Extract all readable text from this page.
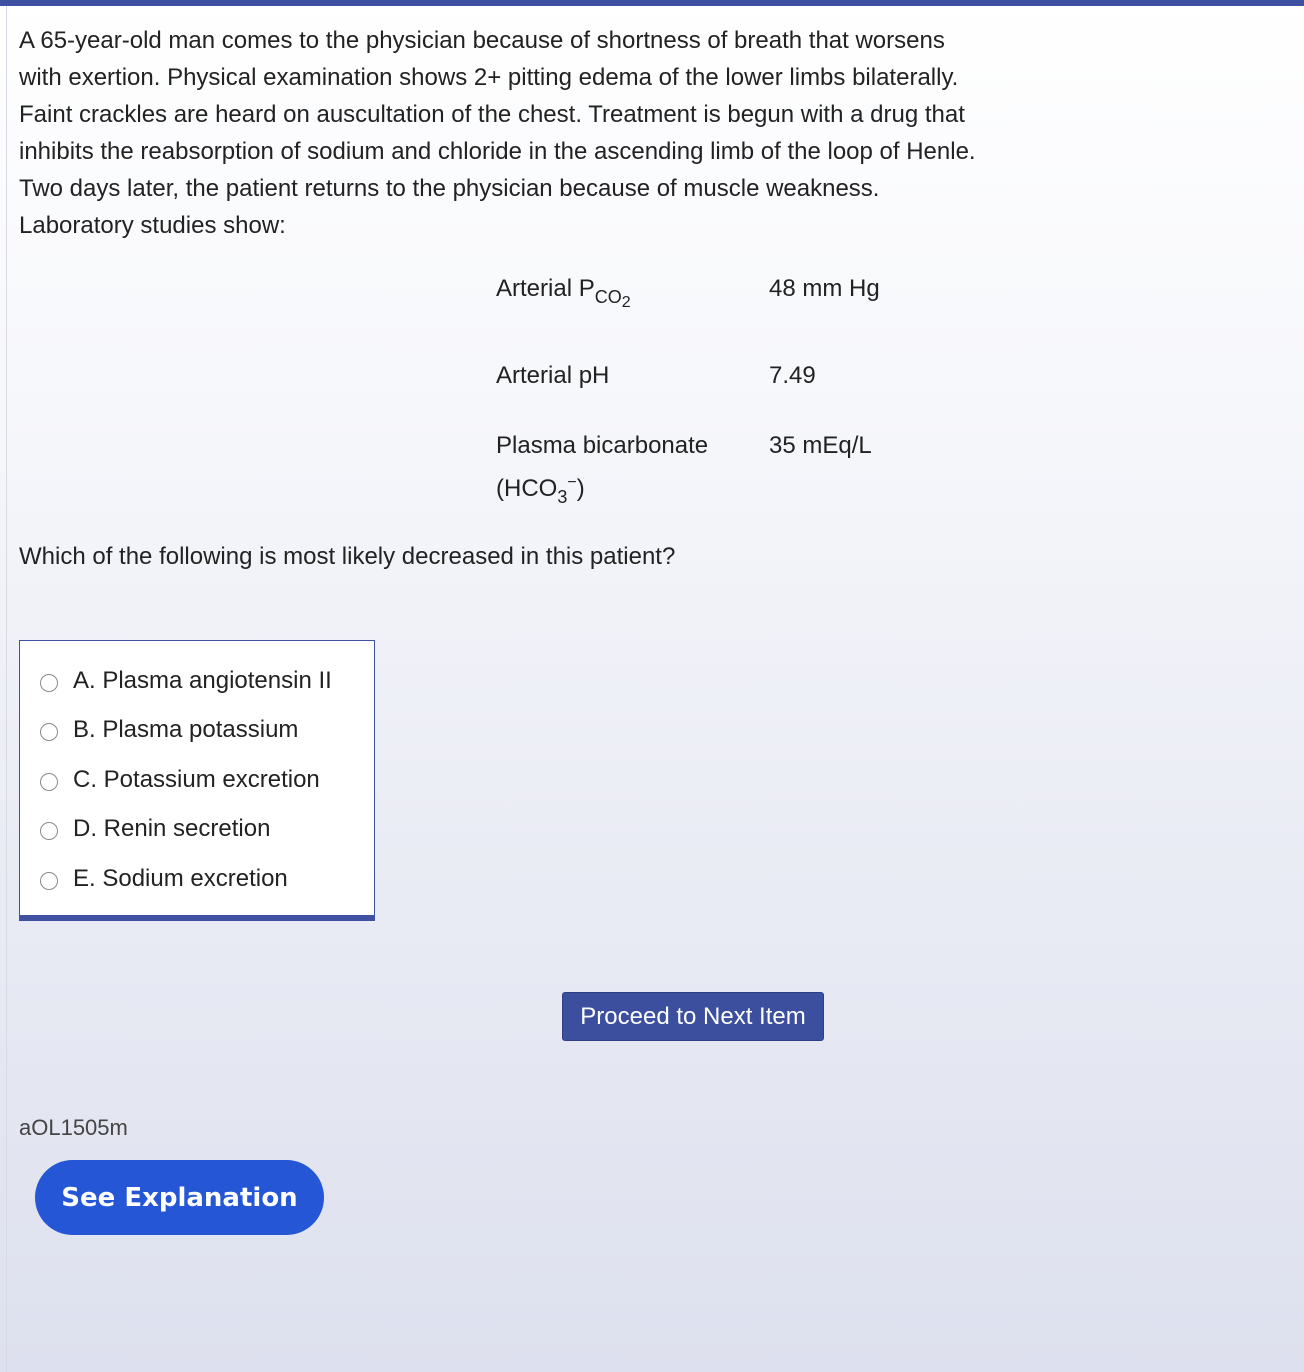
A 65-year-old man comes to the physician because of shortness of breath that worsens
with exertion. Physical examination shows 2+ pitting edema of the lower limbs bilaterally.
Faint crackles are heard on auscultation of the chest. Treatment is begun with a drug that
inhibits the reabsorption of sodium and chloride in the ascending limb of the loop of Henle.
Two days later, the patient returns to the physician because of muscle weakness.
Laboratory studies show:
Arterial $P_{CO_2}$
48 mm Hg
Arterial pH	7.49
Plasma bicarbonate	35 mEq/L
$(HCO_3^-)$
Which of the following is most likely decreased in this patient?
A. Plasma angiotensin II
B. Plasma potassium
C. Potassium excretion
D. Renin secretion
E. Sodium excretion
Proceed to Next Item
aOL1505m
See Explanation
